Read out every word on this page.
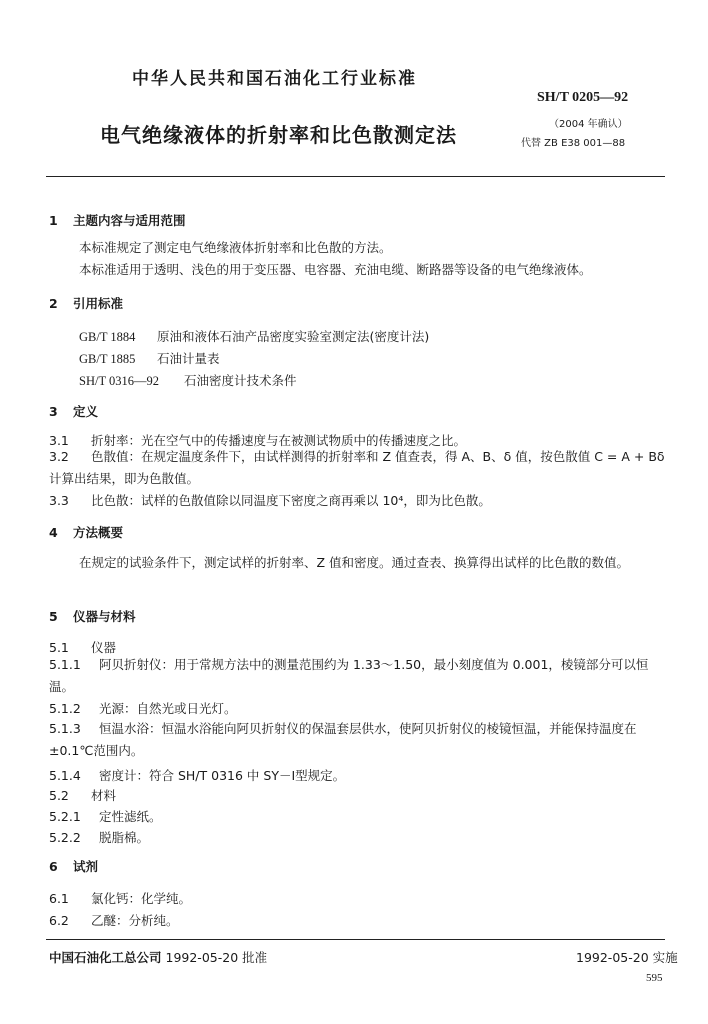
中华人民共和国石油化工行业标准
SH/T 0205—92
电气绝缘液体的折射率和比色散测定法	（2004 年确认）
代替 ZB E38 001—88
1 主题内容与适用范围
本标准规定了测定电气绝缘液体折射率和比色散的方法。
本标准适用于透明、浅色的用于变压器、电容器、充油电缆、断路器等设备的电气绝缘液体。
2 引用标准
GB/T 1884 原油和液体石油产品密度实验室测定法(密度计法)
GB/T 1885 石油计量表
SH/T 0316—92 石油密度计技术条件
3 定义
3.1 折射率：光在空气中的传播速度与在被测试物质中的传播速度之比。
3.2 色散值：在规定温度条件下，由试样测得的折射率和 Z 值查表，得 A、B、δ 值，按色散值 C = A + Bδ计算出结果，即为色散值。
3.3 比色散：试样的色散值除以同温度下密度之商再乘以 10⁴，即为比色散。
4 方法概要
在规定的试验条件下，测定试样的折射率、Z 值和密度。通过查表、换算得出试样的比色散的数值。
5 仪器与材料
5.1 仪器
5.1.1 阿贝折射仪：用于常规方法中的测量范围约为 1.33～1.50，最小刻度值为 0.001，棱镜部分可以恒温。
5.1.2 光源：自然光或日光灯。
5.1.3 恒温水浴：恒温水浴能向阿贝折射仪的保温套层供水，使阿贝折射仪的棱镜恒温，并能保持温度在 ±0.1℃范围内。
5.1.4 密度计：符合 SH/T 0316 中 SY－Ⅰ型规定。
5.2 材料
5.2.1 定性滤纸。
5.2.2 脱脂棉。
6 试剂
6.1 氯化钙：化学纯。
6.2 乙醚：分析纯。
中国石油化工总公司 1992-05-20 批准	1992-05-20 实施
595
